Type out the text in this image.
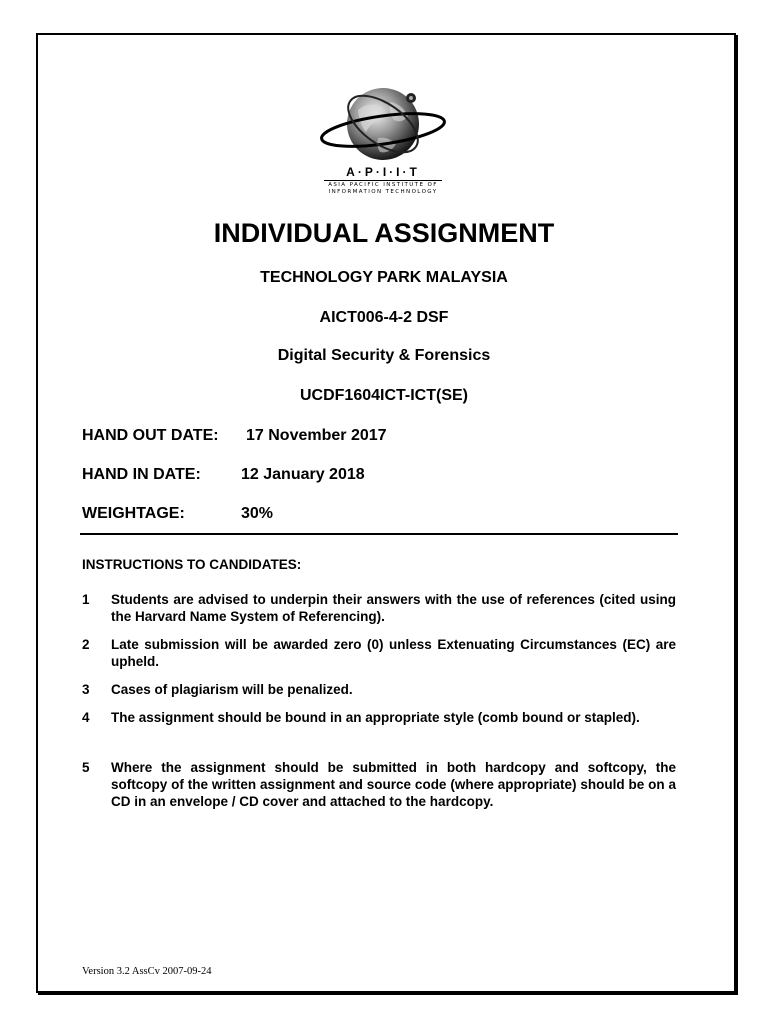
A·P·I·I·T
ASIA PACIFIC INSTITUTE OF
INFORMATION TECHNOLOGY
INDIVIDUAL ASSIGNMENT
TECHNOLOGY PARK MALAYSIA
AICT006-4-2 DSF
Digital Security & Forensics
UCDF1604ICT-ICT(SE)
HAND OUT DATE: 17 November 2017
HAND IN DATE:	12 January 2018
WEIGHTAGE:	30%
INSTRUCTIONS TO CANDIDATES:
1 Students are advised to underpin their answers with the use of references (cited using the Harvard Name System of Referencing).
2 Late submission will be awarded zero (0) unless Extenuating Circumstances (EC) are upheld.
3 Cases of plagiarism will be penalized.
4 The assignment should be bound in an appropriate style (comb bound or stapled).
5 Where the assignment should be submitted in both hardcopy and softcopy, the softcopy of the written assignment and source code (where appropriate) should be on a CD in an envelope / CD cover and attached to the hardcopy.
Version 3.2 AssCv 2007-09-24
